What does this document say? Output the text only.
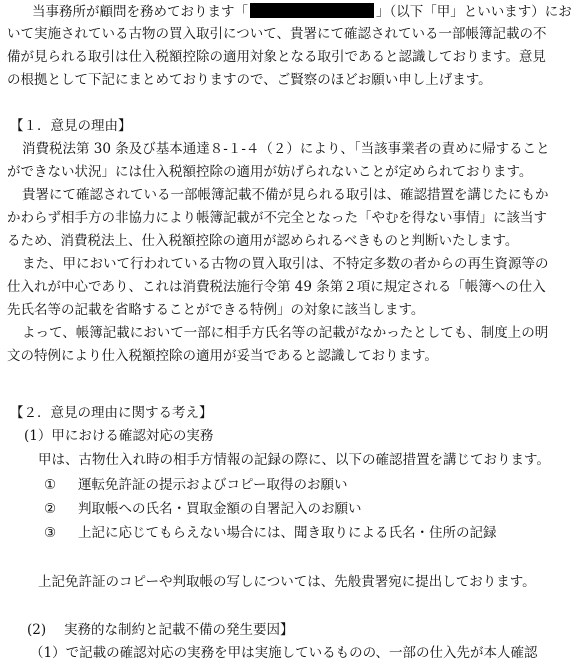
当事務所が顧問を務めております「	」（以下「甲」といいます）にお
いて実施されている古物の買入取引について、貴署にて確認されている一部帳簿記載の不
備が見られる取引は仕入税額控除の適用対象となる取引であると認識しております。意見
の根拠として下記にまとめておりますので、ご賢察のほどお願い申し上げます。
【１．意見の理由】
消費税法第 30 条及び基本通達８-１-４（２）により、「当該事業者の責めに帰すること
ができない状況」には仕入税額控除の適用が妨げられないことが定められております。
貴署にて確認されている一部帳簿記載不備が見られる取引は、確認措置を講じたにもか
かわらず相手方の非協力により帳簿記載が不完全となった「やむを得ない事情」に該当す
るため、消費税法上、仕入税額控除の適用が認められるべきものと判断いたします。
また、甲において行われている古物の買入取引は、不特定多数の者からの再生資源等の
仕入れが中心であり、これは消費税法施行令第 49 条第２項に規定される「帳簿への仕入
先氏名等の記載を省略することができる特例」の対象に該当します。
よって、帳簿記載において一部に相手方氏名等の記載がなかったとしても、制度上の明
文の特例により仕入税額控除の適用が妥当であると認識しております。
【２．意見の理由に関する考え】
(1）甲における確認対応の実務
甲は、古物仕入れ時の相手方情報の記録の際に、以下の確認措置を講じております。
① 運転免許証の提示およびコピー取得のお願い
② 判取帳への氏名・買取金額の自署記入のお願い
③ 上記に応じてもらえない場合には、聞き取りによる氏名・住所の記録
上記免許証のコピーや判取帳の写しについては、先般貴署宛に提出しております。
(2) 実務的な制約と記載不備の発生要因】
（1）で記載の確認対応の実務を甲は実施しているものの、一部の仕入先が本人確認
